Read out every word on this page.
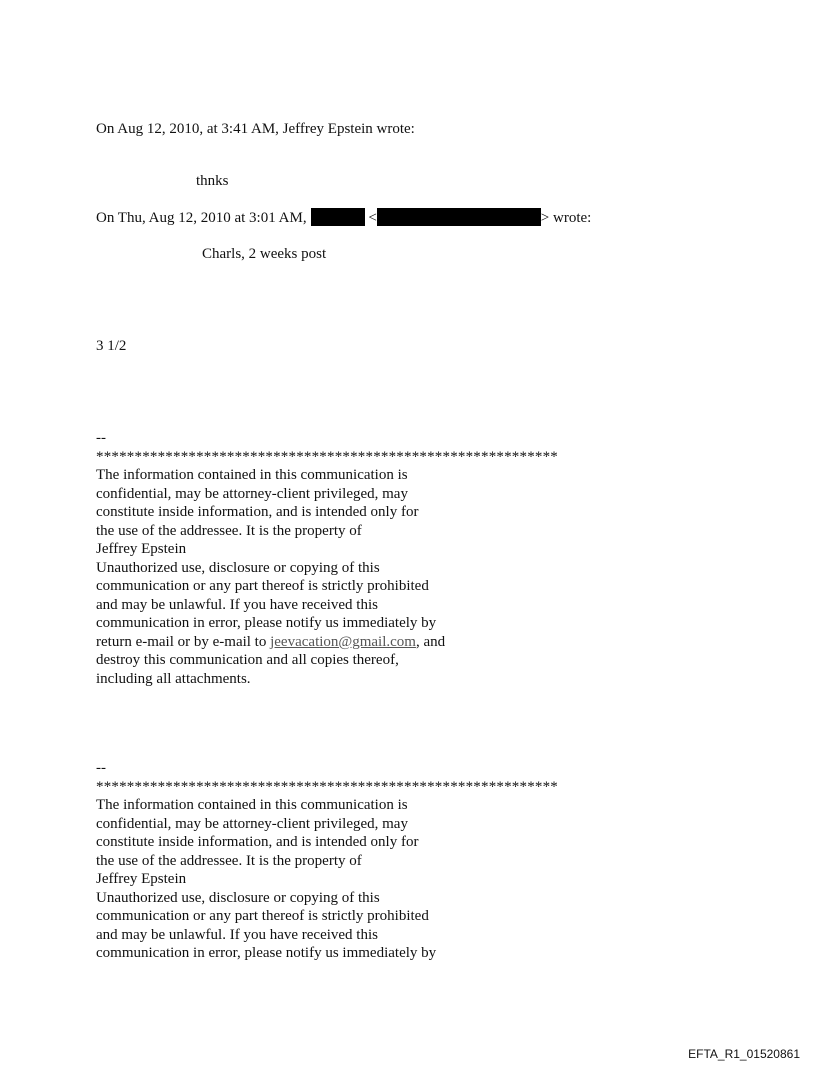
On Aug 12, 2010, at 3:41 AM, Jeffrey Epstein wrote:
thnks
On Thu, Aug 12, 2010 at 3:01 AM,	<	> wrote:
Charls, 2 weeks post
3 1/2
--
************************************************************
The information contained in this communication is
confidential, may be attorney-client privileged, may
constitute inside information, and is intended only for
the use of the addressee. It is the property of
Jeffrey Epstein
Unauthorized use, disclosure or copying of this
communication or any part thereof is strictly prohibited
and may be unlawful. If you have received this
communication in error, please notify us immediately by
return e-mail or by e-mail to jeevacation@gmail.com, and
destroy this communication and all copies thereof,
including all attachments.
--
************************************************************
The information contained in this communication is
confidential, may be attorney-client privileged, may
constitute inside information, and is intended only for
the use of the addressee. It is the property of
Jeffrey Epstein
Unauthorized use, disclosure or copying of this
communication or any part thereof is strictly prohibited
and may be unlawful. If you have received this
communication in error, please notify us immediately by
EFTA_R1_01520861
